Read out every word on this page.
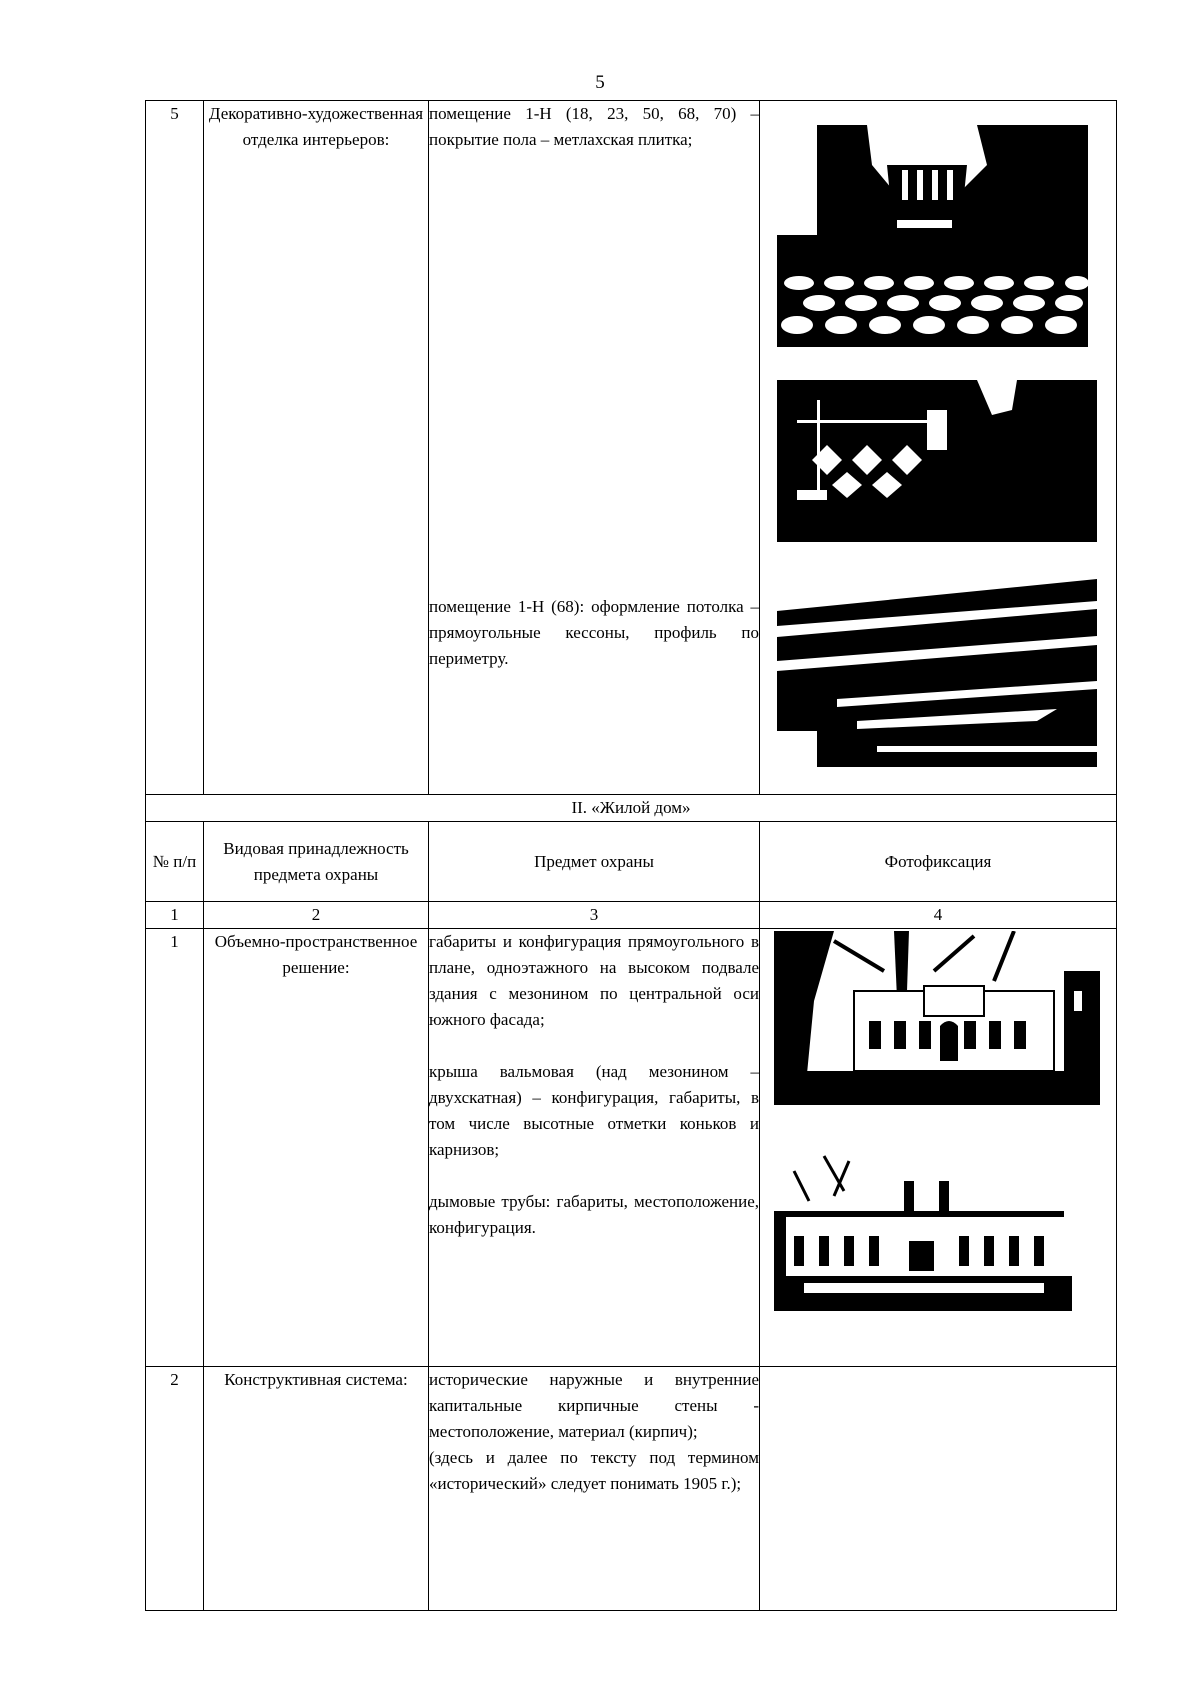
5
5	Декоративно-художественная отделка интерьеров:	помещение 1-Н (18, 23, 50, 68, 70) – покрытие пола – метлахская плитка;

помещение 1-Н (68): оформление потолка – прямоугольные кессоны, профиль по периметру.

II. «Жилой дом»			
№ п/п	Видовая принадлежность предмета охраны	Предмет охраны	Фотофиксация
1	2	3	4
1	Объемно-пространственное решение:	габариты и конфигурация прямоугольного в плане, одноэтажного на высоком подвале здания с мезонином по центральной оси южного фасада;

крыша вальмовая (над мезонином – двухскатная) – конфигурация, габариты, в том числе высотные отметки коньков и карнизов;

дымовые трубы: габариты, местоположение, конфигурация.

2	Конструктивная система:	исторические наружные и внутренние капитальные кирпичные стены - местоположение, материал (кирпич);

(здесь и далее по тексту под термином «исторический» следует понимать 1905 г.);	
